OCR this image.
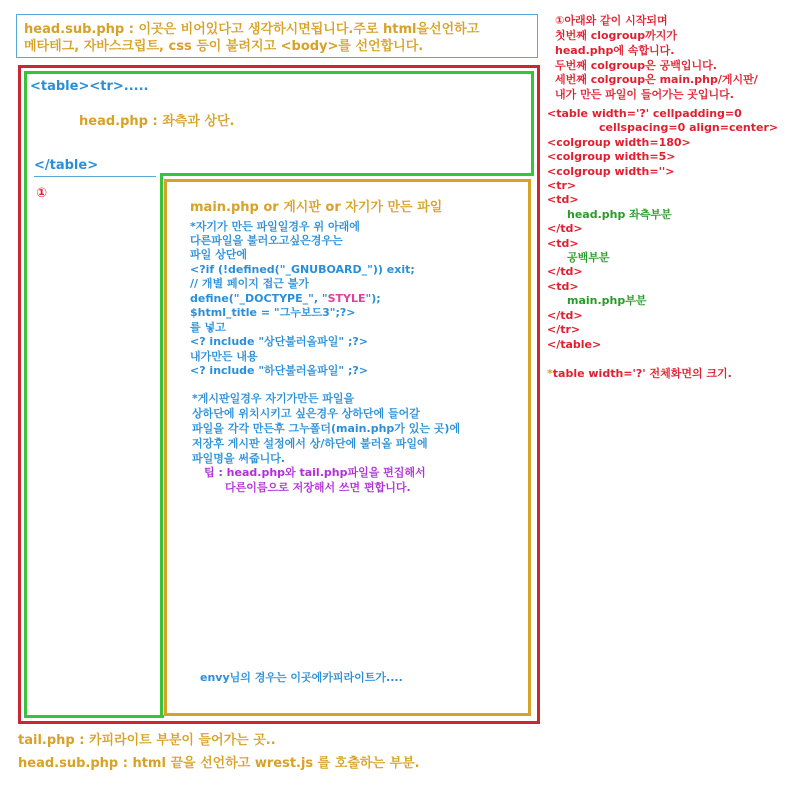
head.sub.php : 이곳은 비어있다고 생각하시면됩니다.주로 html을선언하고
메타테그, 자바스크립트, css 등이 불려지고 <body>를 선언합니다.
<table><tr>.....
head.php : 좌측과 상단.
</table>
①
main.php or 게시판 or 자기가 만든 파일
*자기가 만든 파일일경우 위 아래에
다른파일을 불러오고싶은경우는
파일 상단에
<?if (!defined("_GNUBOARD_")) exit;
// 개별 페이지 접근 불가
define("_DOCTYPE_", "STYLE");
$html_title = "그누보드3";?>
를 넣고
<? include "상단불러올파일" ;?>
내가만든 내용
<? include "하단불러올파일" ;?>
*게시판일경우 자기가만든 파일을
상하단에 위치시키고 싶은경우 상하단에 들어갈
파일을 각각 만든후 그누폴더(main.php가 있는 곳)에
저장후 게시판 설정에서 상/하단에 불러올 파일에
파일명을 써줍니다.
팁 : head.php와 tail.php파일을 편집해서
다른이름으로 저장해서 쓰면 편합니다.
envy님의 경우는 이곳에카피라이트가....
tail.php : 카피라이트 부분이 들어가는 곳..
head.sub.php : html 끝을 선언하고 wrest.js 를 호출하는 부분.
①아래와 같이 시작되며
첫번째 clogroup까지가
head.php에 속합니다.
두번째 colgroup은 공백입니다.
세번째 colgroup은 main.php/게시판/
내가 만든 파일이 들어가는 곳입니다.
<table width='?' cellpadding=0
cellspacing=0 align=center>
<colgroup width=180>
<colgroup width=5>
<colgroup width=''>
<tr>
<td>
head.php 좌측부분
</td>
<td>
공백부분
</td>
<td>
main.php부분
</td>
</tr>
</table>
*table width='?' 전체화면의 크기.
